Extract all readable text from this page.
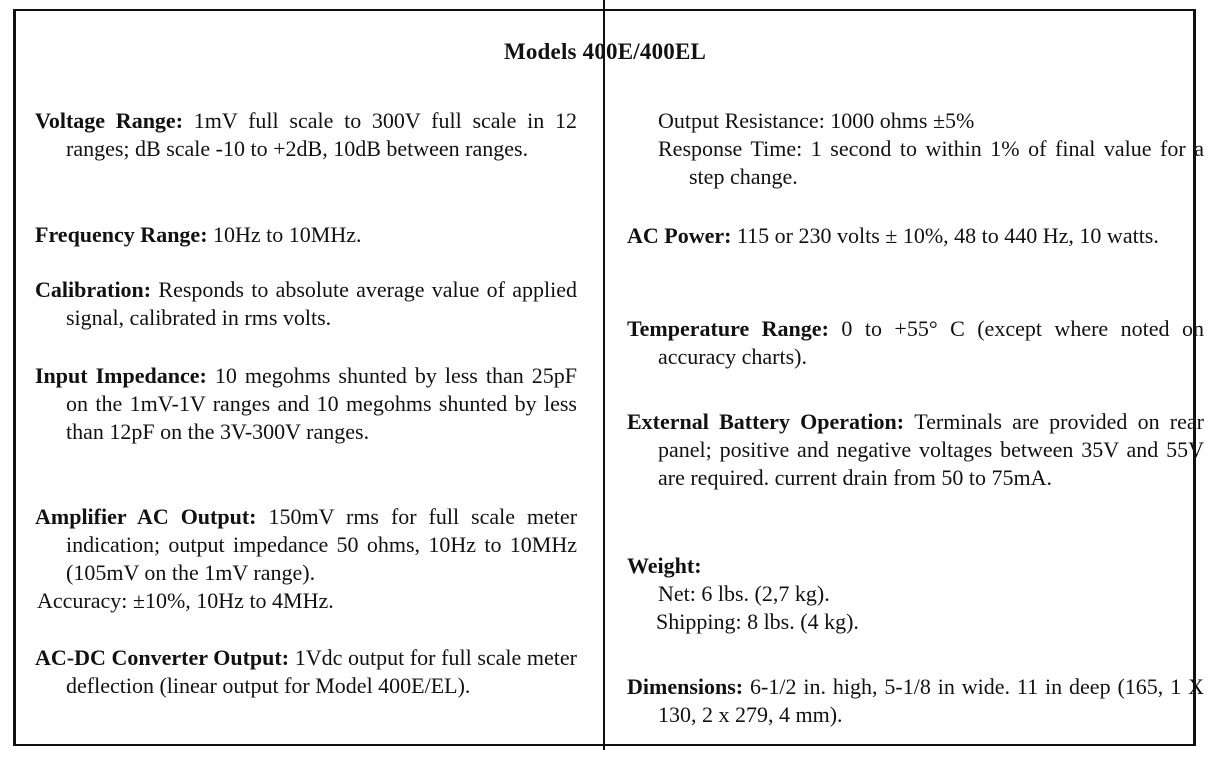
Models 400E/400EL

Voltage Range: 1mV full scale to 300V full scale in 12 ranges; dB scale -10 to +2dB, 10dB between ranges.

Frequency Range: 10Hz to 10MHz.

Calibration: Responds to absolute average value of applied signal, calibrated in rms volts.

Input Impedance: 10 megohms shunted by less than 25pF on the 1mV-1V ranges and 10 megohms shunted by less than 12pF on the 3V-300V ranges.

Amplifier AC Output: 150mV rms for full scale meter indication; output impedance 50 ohms, 10Hz to 10MHz (105mV on the 1mV range).
Accuracy: ±10%, 10Hz to 4MHz.

AC-DC Converter Output: 1Vdc output for full scale meter deflection (linear output for Model 400E/EL).

Output Resistance: 1000 ohms ±5%

Response Time: 1 second to within 1% of final value for a step change.

AC Power: 115 or 230 volts ± 10%, 48 to 440 Hz, 10 watts.

Temperature Range: 0 to +55° C (except where noted on accuracy charts).

External Battery Operation: Terminals are provided on rear panel; positive and negative voltages between 35V and 55V are required. current drain from 50 to 75mA.

Weight:
Net: 6 lbs. (2,7 kg).
Shipping: 8 lbs. (4 kg).

Dimensions: 6-1/2 in. high, 5-1/8 in wide. 11 in deep (165, 1 X 130, 2 x 279, 4 mm).
